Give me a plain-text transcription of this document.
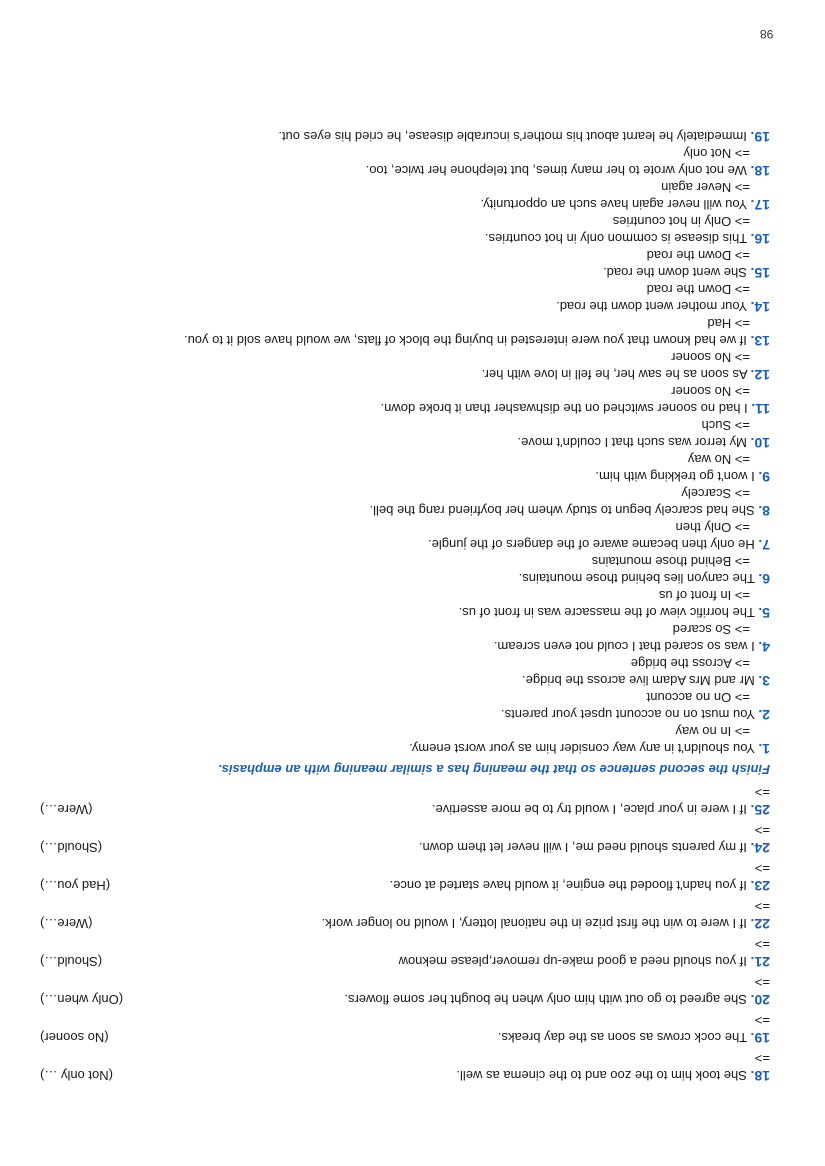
18. She took him to the zoo and to the cinema as well.
(Not only …)
=>
19. The cock crows as soon as the day breaks.
(No sooner)
=>
20. She agreed to go out with him only when he bought her some flowers.
(Only when…)
=>
21. If you should need a good make-up remover,please meknow
(Should…)
=>
22. If I were to win the first prize in the national lottery, I would no longer work.
(Were…)
=>
23. If you hadn't flooded the engine, it would have started at once.
(Had you…)
=>
24. If my parents should need me, I will never let them down.
(Should…)
=>
25. If I were in your place, I would try to be more assertive.
(Were…)
=>
Finish the second sentence so that the meaning has a similar meaning with an emphasis.
1. You shouldn't in any way consider him as your worst enemy.
=> In no way
2. You must on no account upset your parents.
=> On no account
3. Mr and Mrs Adam live across the bridge.
=> Across the bridge
4. I was so scared that I could not even scream.
=> So scared
5. The horrific view of the massacre was in front of us.
=> In front of us
6. The canyon lies behind those mountains.
=> Behind those mountains
7. He only then became aware of the dangers of the jungle.
=> Only then
8. She had scarcely begun to study whem her boyfriend rang the bell.
=> Scarcely
9. I won't go trekking with him.
=> No way
10. My terror was such that I couldn't move.
=> Such
11. I had no sooner switched on the dishwasher than it broke down.
=> No sooner
12. As soon as he saw her, he fell in love with her.
=> No sooner
13. If we had known that you were interested in buying the block of flats, we would have sold it to you.
=> Had
14. Your mother went down the road.
=> Down the road
15. She went down the road.
=> Down the road
16. This disease is common only in hot countries.
=> Only in hot countries
17. You will never again have such an opportunity.
=> Never again
18. We not only wrote to her many times, but telephone her twice, too.
=> Not only
19. Immediately he learnt about his mother's incurable disease, he cried his eyes out.
98
